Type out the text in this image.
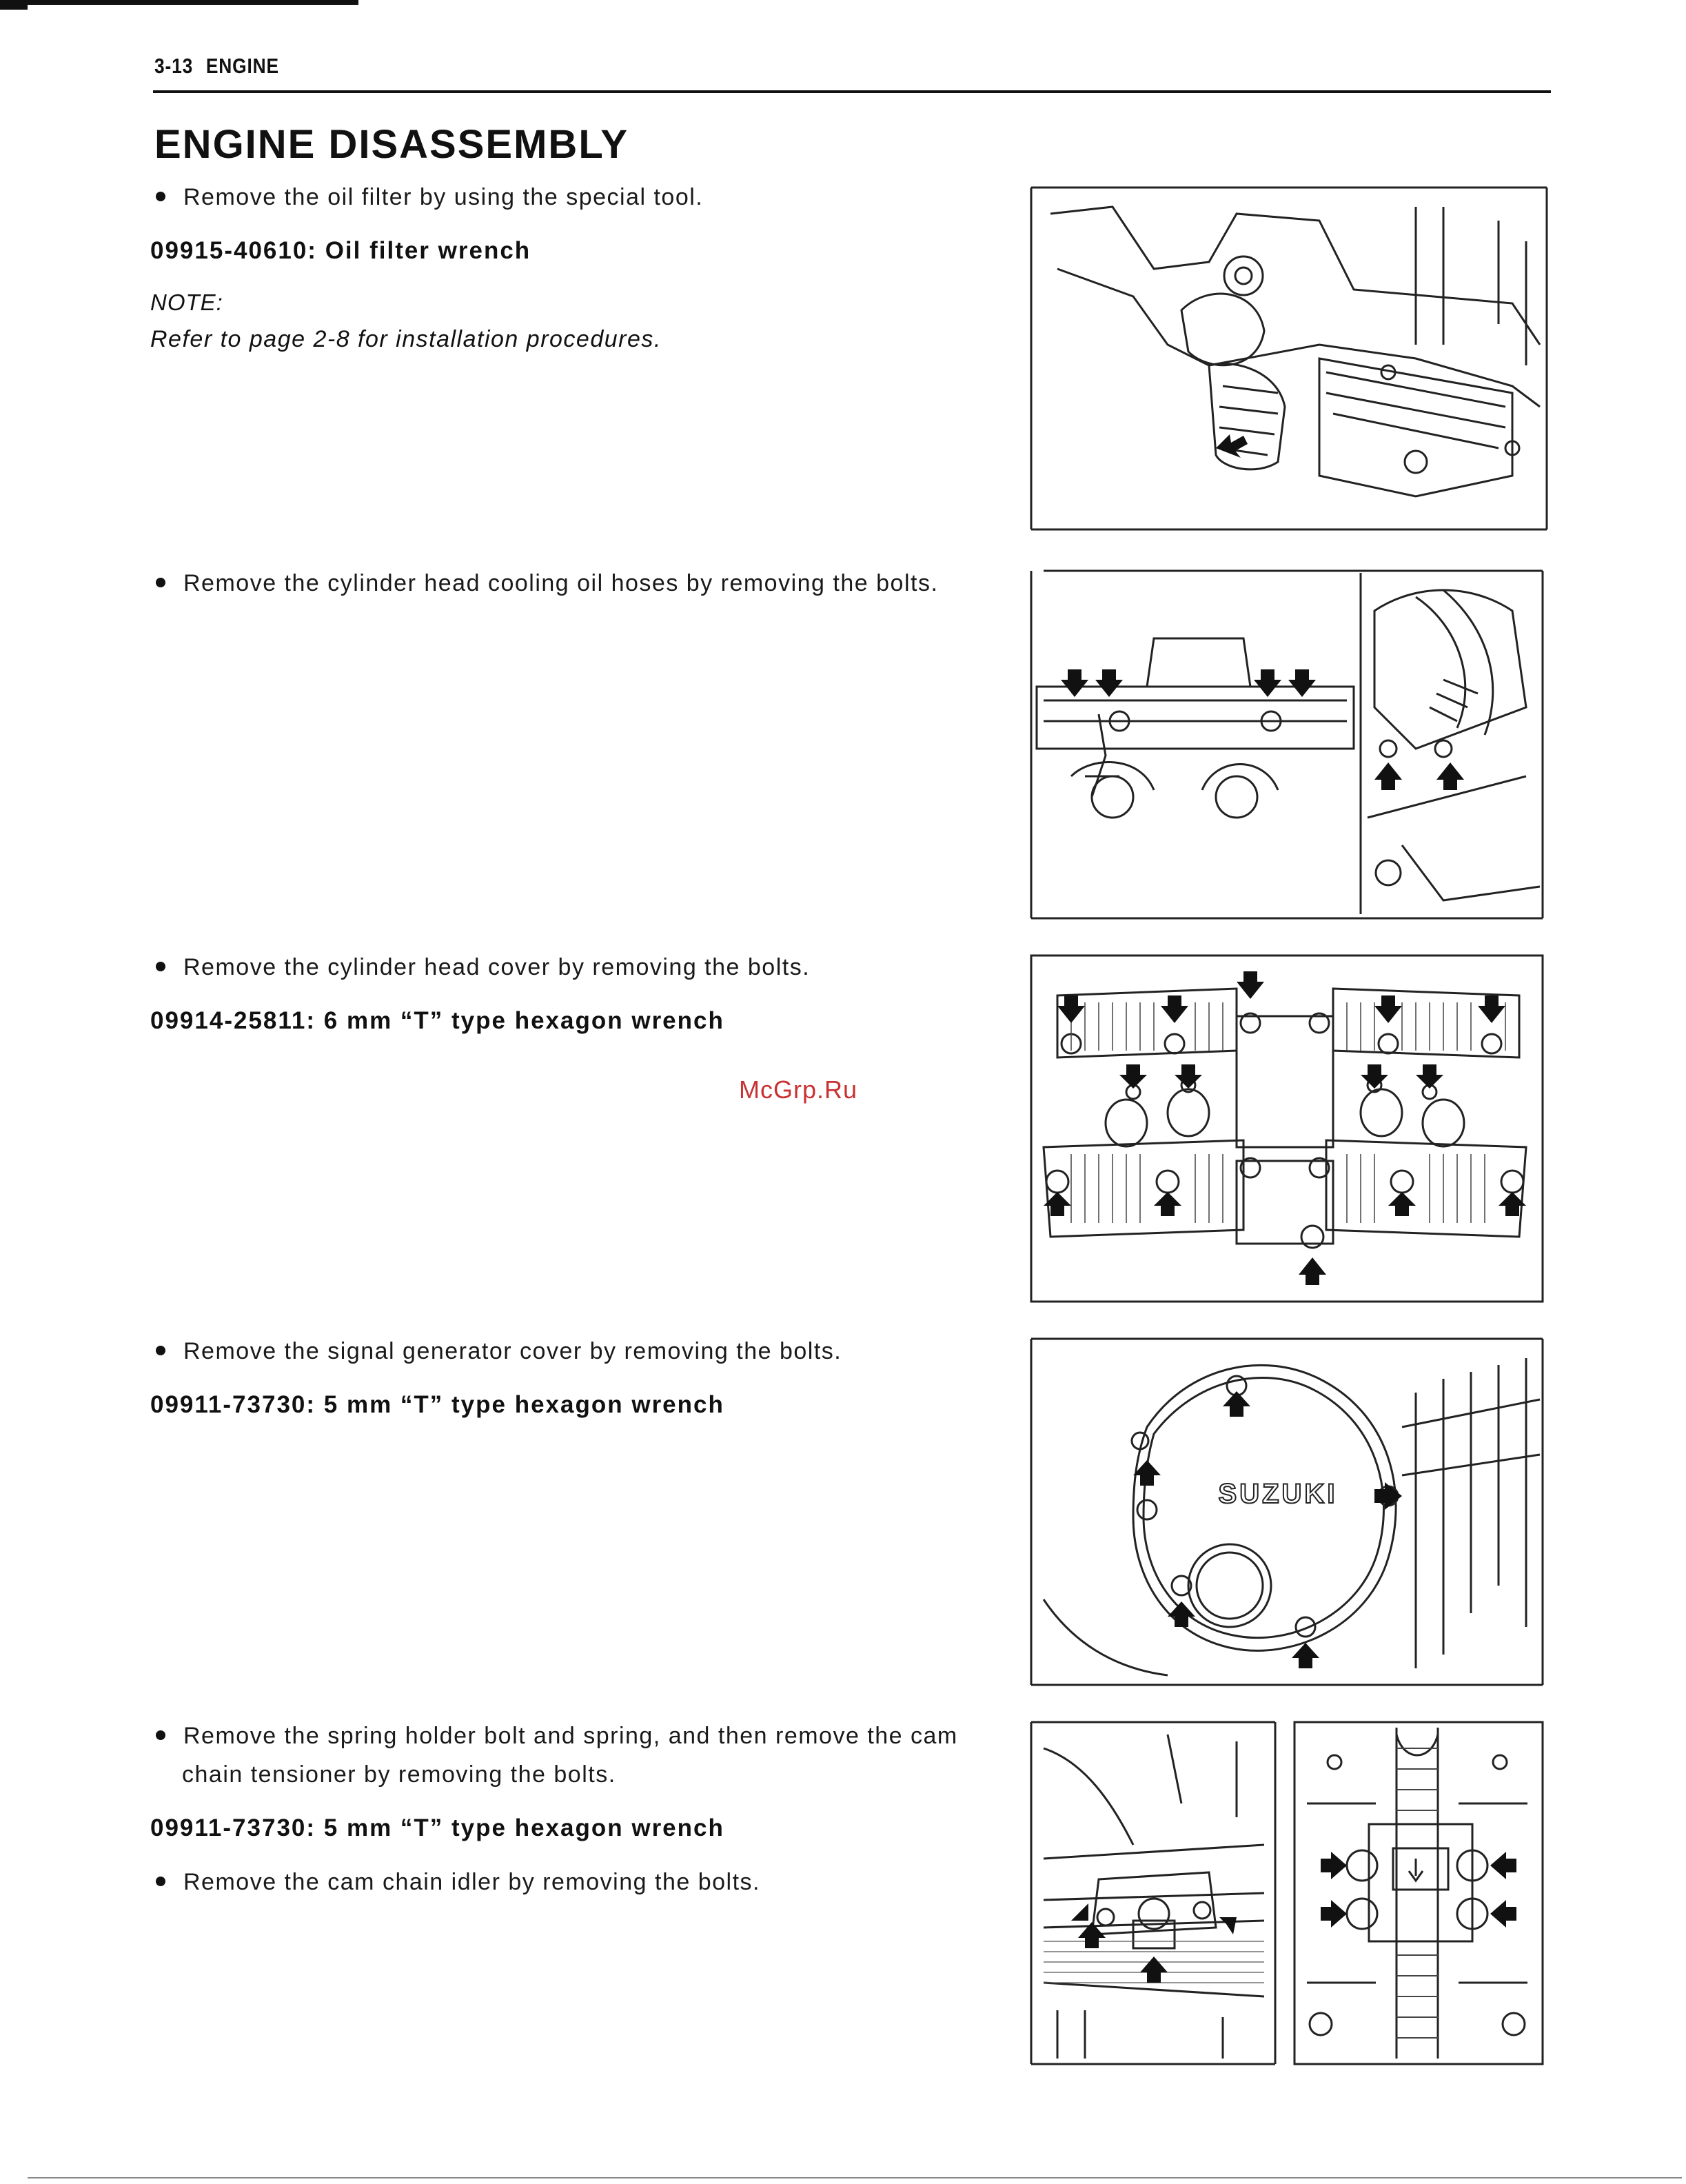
3-13 ENGINE
ENGINE DISASSEMBLY

Remove the oil filter by using the special tool.

09915-40610: Oil filter wrench

NOTE:

Refer to page 2-8 for installation procedures.

Remove the cylinder head cooling oil hoses by removing the bolts.

Remove the cylinder head cover by removing the bolts.

09914-25811: 6 mm “T” type hexagon wrench

Remove the signal generator cover by removing the bolts.

09911-73730: 5 mm “T” type hexagon wrench

Remove the spring holder bolt and spring, and then remove the cam chain tensioner by removing the bolts.

09911-73730: 5 mm “T” type hexagon wrench

Remove the cam chain idler by removing the bolts.

McGrp.Ru
SUZUKI
